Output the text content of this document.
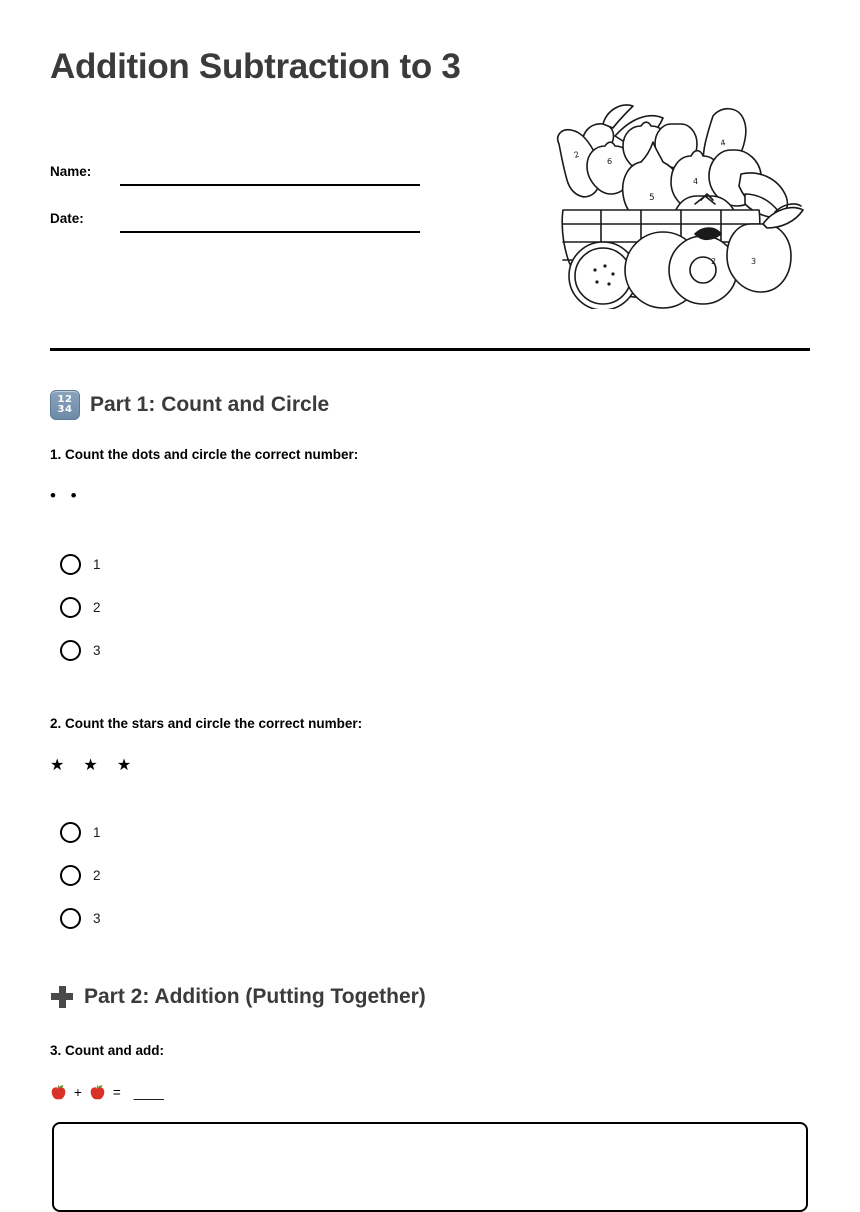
Addition Subtraction to 3
Name:
Date:
2
4
6
5
4
2	3
12
34 Part 1: Count and Circle
1. Count the dots and circle the correct number:
• •
1
2
3
2. Count the stars and circle the correct number:
★ ★ ★
1
2
3
Part 2: Addition (Putting Together)
3. Count and add:
+ = ____
